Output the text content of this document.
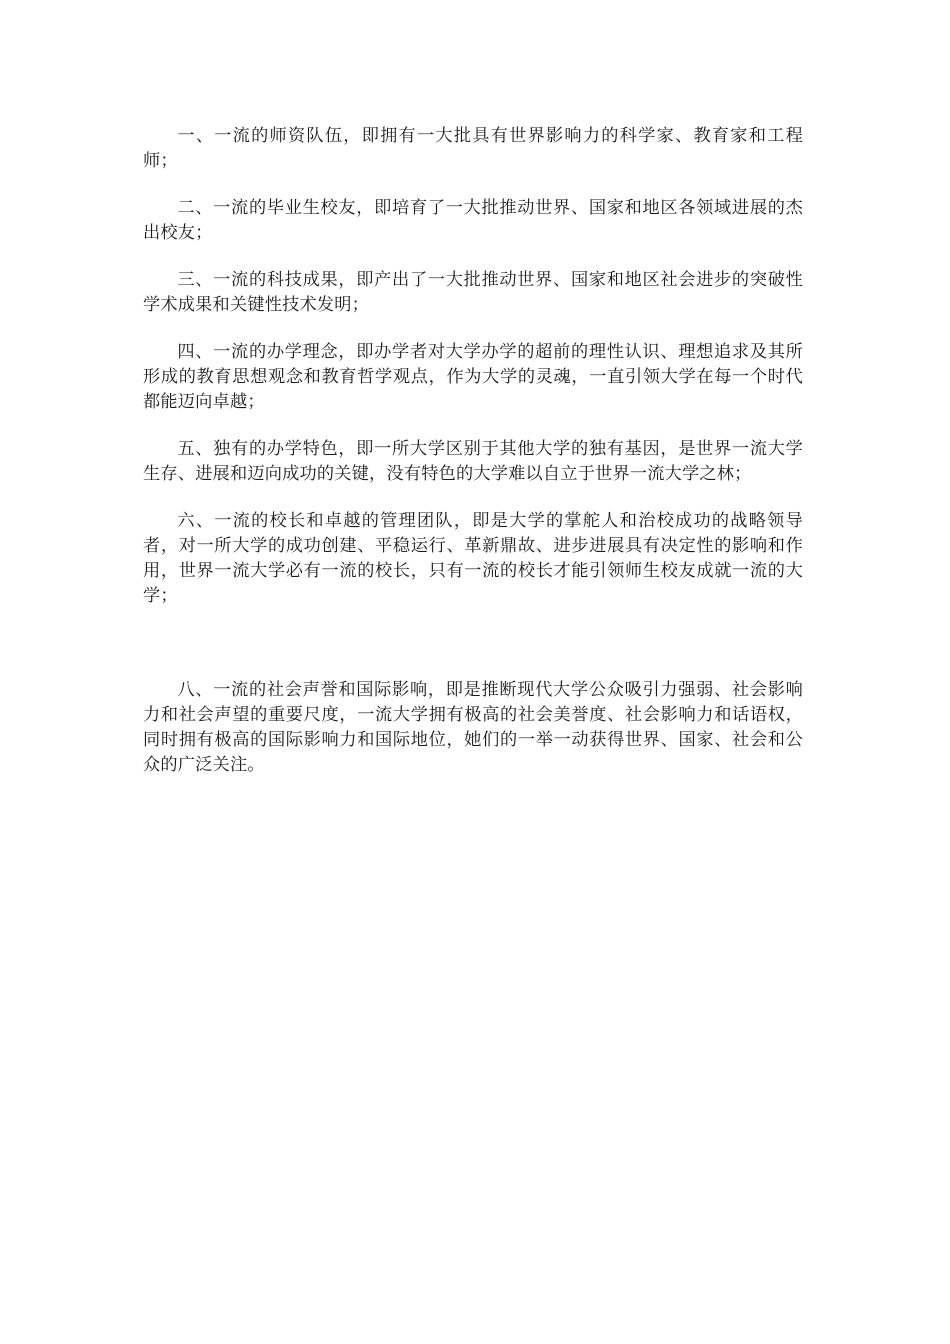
一、一流的师资队伍，即拥有一大批具有世界影响力的科学家、教育家和工程师；

二、一流的毕业生校友，即培育了一大批推动世界、国家和地区各领域进展的杰出校友；

三、一流的科技成果，即产出了一大批推动世界、国家和地区社会进步的突破性学术成果和关键性技术发明；

四、一流的办学理念，即办学者对大学办学的超前的理性认识、理想追求及其所形成的教育思想观念和教育哲学观点，作为大学的灵魂，一直引领大学在每一个时代都能迈向卓越；

五、独有的办学特色，即一所大学区别于其他大学的独有基因，是世界一流大学生存、进展和迈向成功的关键，没有特色的大学难以自立于世界一流大学之林；

六、一流的校长和卓越的管理团队，即是大学的掌舵人和治校成功的战略领导者，对一所大学的成功创建、平稳运行、革新鼎故、进步进展具有决定性的影响和作用，世界一流大学必有一流的校长，只有一流的校长才能引领师生校友成就一流的大学；

八、一流的社会声誉和国际影响，即是推断现代大学公众吸引力强弱、社会影响力和社会声望的重要尺度，一流大学拥有极高的社会美誉度、社会影响力和话语权，同时拥有极高的国际影响力和国际地位，她们的一举一动获得世界、国家、社会和公众的广泛关注。
